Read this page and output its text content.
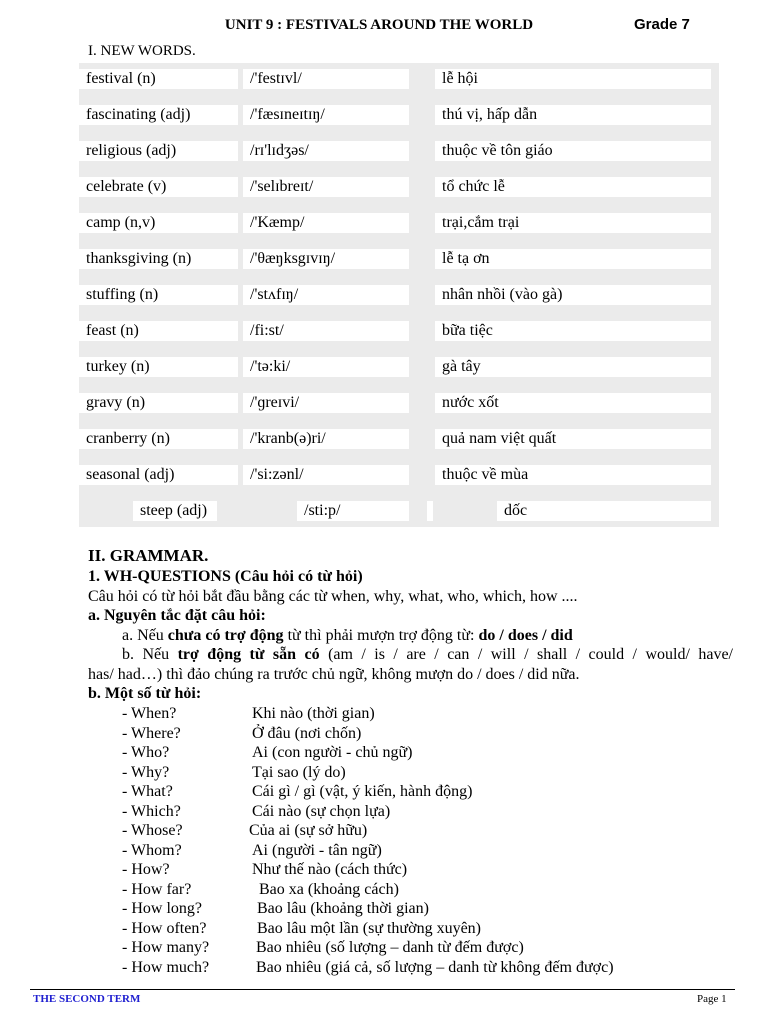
UNIT 9 : FESTIVALS AROUND THE WORLD	Grade 7
I. NEW WORDS.
festival (n)	/'festɪvl/	lễ hội
fascinating (adj)	/'fæsɪneɪtɪŋ/	thú vị, hấp dẫn
religious (adj)	/rɪ'lɪdʒəs/	thuộc về tôn giáo
celebrate (v)	/'selɪbreɪt/	tổ chức lễ
camp (n,v)	/'Kæmp/	trại,cắm trại
thanksgiving (n)	/'θæŋksgɪvɪŋ/	lễ tạ ơn
stuffing (n)	/'stʌfɪŋ/	nhân nhồi (vào gà)
feast (n)	/fi:st/	bữa tiệc
turkey (n)	/'tə:ki/	gà tây
gravy (n)	/'ɡreɪvi/	nước xốt
cranberry (n)	/'kranb(ə)ri/	quả nam việt quất
seasonal (adj)	/'si:zənl/	thuộc về mùa
steep (adj)	/sti:p/	dốc
II. GRAMMAR.
1. WH-QUESTIONS (Câu hỏi có từ hỏi)
Câu hỏi có từ hỏi bắt đầu bằng các từ when, why, what, who, which, how ....
a. Nguyên tắc đặt câu hỏi:
a. Nếu chưa có trợ động từ thì phải mượn trợ động từ: do / does / did
b. Nếu trợ động từ sẵn có (am / is / are / can / will / shall / could / would/ have/
has/ had…) thì đảo chúng ra trước chủ ngữ, không mượn do / does / did nữa.
b. Một số từ hỏi:
- When?	Khi nào (thời gian)
- Where?	Ở đâu (nơi chốn)
- Who?	Ai (con người - chủ ngữ)
- Why?	Tại sao (lý do)
- What?	Cái gì / gì (vật, ý kiến, hành động)
- Which?	Cái nào (sự chọn lựa)
- Whose?	Của ai (sự sở hữu)
- Whom?	Ai (người - tân ngữ)
- How?	Như thế nào (cách thức)
- How far?	Bao xa (khoảng cách)
- How long?	Bao lâu (khoảng thời gian)
- How often?	Bao lâu một lần (sự thường xuyên)
- How many?	Bao nhiêu (số lượng – danh từ đếm được)
- How much?	Bao nhiêu (giá cả, số lượng – danh từ không đếm được)
THE SECOND TERM	Page 1
